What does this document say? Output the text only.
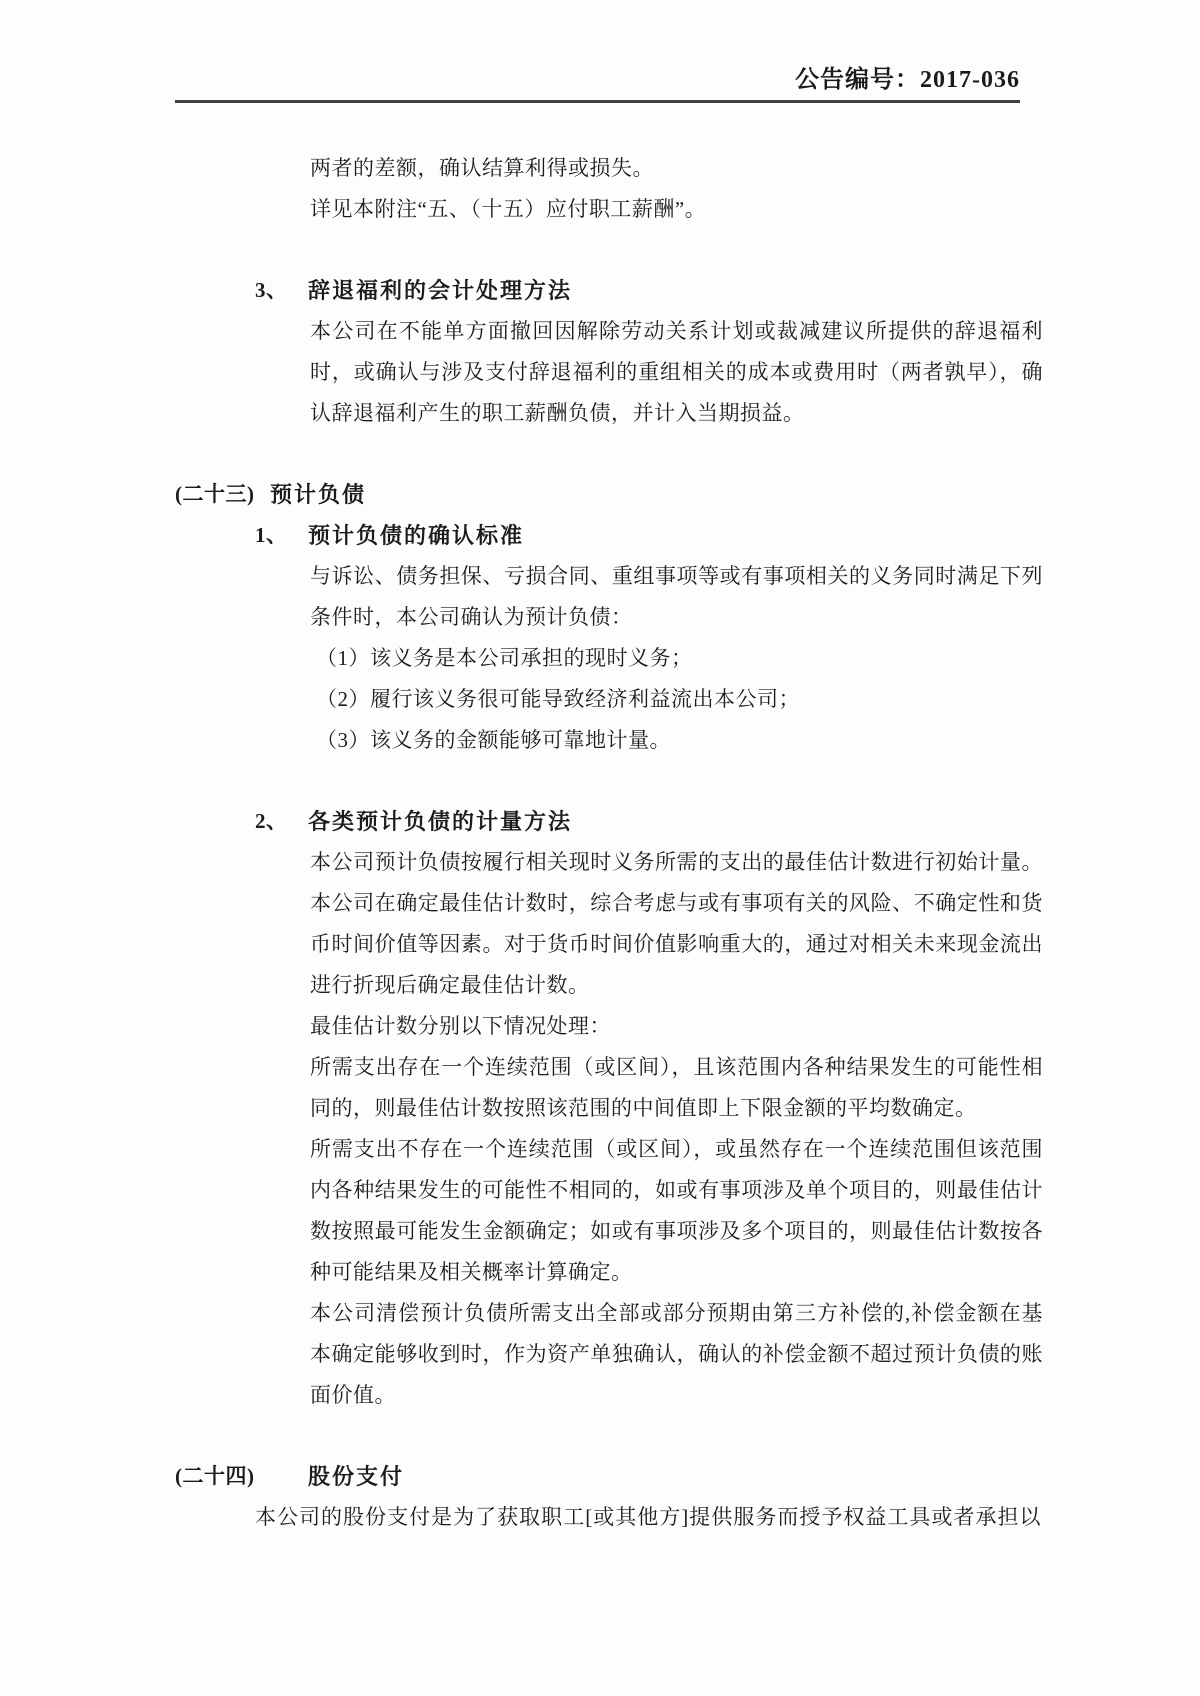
公告编号：2017-036
两者的差额，确认结算利得或损失。
详见本附注“五、（十五）应付职工薪酬”。
3、 辞退福利的会计处理方法
本公司在不能单方面撤回因解除劳动关系计划或裁减建议所提供的辞退福利
时，或确认与涉及支付辞退福利的重组相关的成本或费用时（两者孰早），确
认辞退福利产生的职工薪酬负债，并计入当期损益。
(二十三) 预计负债
1、 预计负债的确认标准
与诉讼、债务担保、亏损合同、重组事项等或有事项相关的义务同时满足下列
条件时，本公司确认为预计负债：
（1）该义务是本公司承担的现时义务；
（2）履行该义务很可能导致经济利益流出本公司；
（3）该义务的金额能够可靠地计量。
2、 各类预计负债的计量方法
本公司预计负债按履行相关现时义务所需的支出的最佳估计数进行初始计量。
本公司在确定最佳估计数时，综合考虑与或有事项有关的风险、不确定性和货
币时间价值等因素。对于货币时间价值影响重大的，通过对相关未来现金流出
进行折现后确定最佳估计数。
最佳估计数分别以下情况处理：
所需支出存在一个连续范围（或区间），且该范围内各种结果发生的可能性相
同的，则最佳估计数按照该范围的中间值即上下限金额的平均数确定。
所需支出不存在一个连续范围（或区间），或虽然存在一个连续范围但该范围
内各种结果发生的可能性不相同的，如或有事项涉及单个项目的，则最佳估计
数按照最可能发生金额确定；如或有事项涉及多个项目的，则最佳估计数按各
种可能结果及相关概率计算确定。
本公司清偿预计负债所需支出全部或部分预期由第三方补偿的,补偿金额在基
本确定能够收到时，作为资产单独确认，确认的补偿金额不超过预计负债的账
面价值。
(二十四)	股份支付
本公司的股份支付是为了获取职工[或其他方]提供服务而授予权益工具或者承担以
